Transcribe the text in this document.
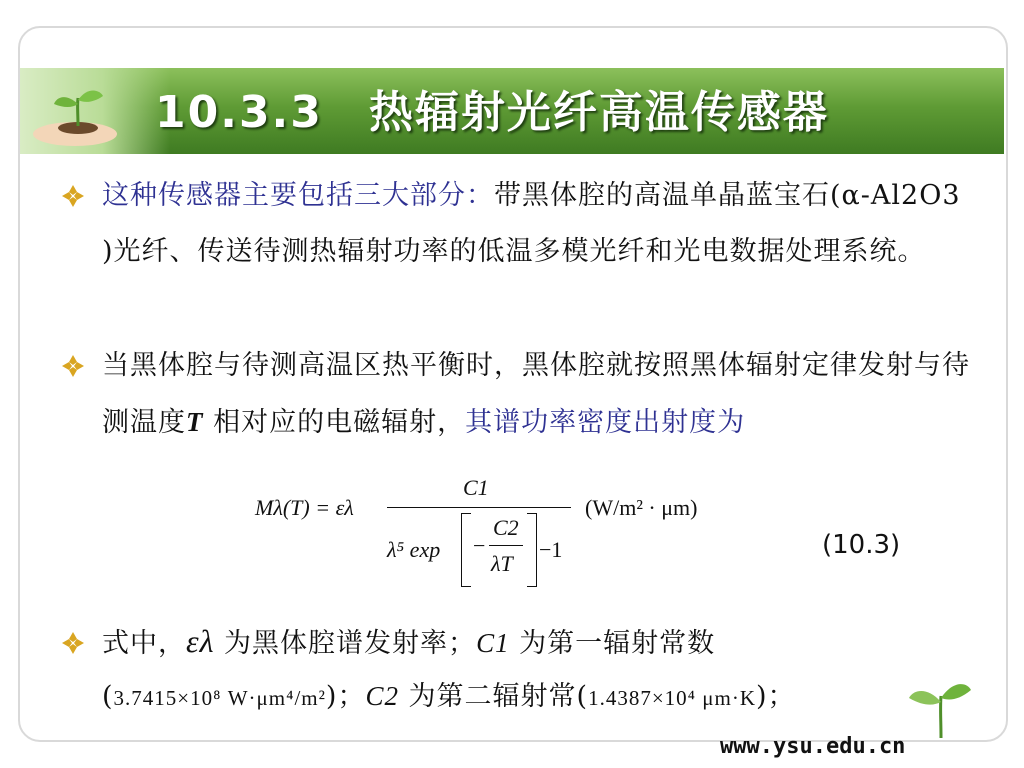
10.3.3　热辐射光纤高温传感器
这种传感器主要包括三大部分：带黑体腔的高温单晶蓝宝石(α-Al2O3 )光纤、传送待测热辐射功率的低温多模光纤和光电数据处理系统。
当黑体腔与待测高温区热平衡时，黑体腔就按照黑体辐射定律发射与待测温度T 相对应的电磁辐射，其谱功率密度出射度为
Mλ(T) = ελ
C1
λ⁵ exp −
C2
λT
−1
(W/m² · μm)
(10.3)
式中，ελ 为黑体腔谱发射率；C1 为第一辐射常数
(3.7415×10⁸ W·μm⁴/m²)；C2 为第二辐射常(1.4387×10⁴ μm·K)；
www.ysu.edu.cn
